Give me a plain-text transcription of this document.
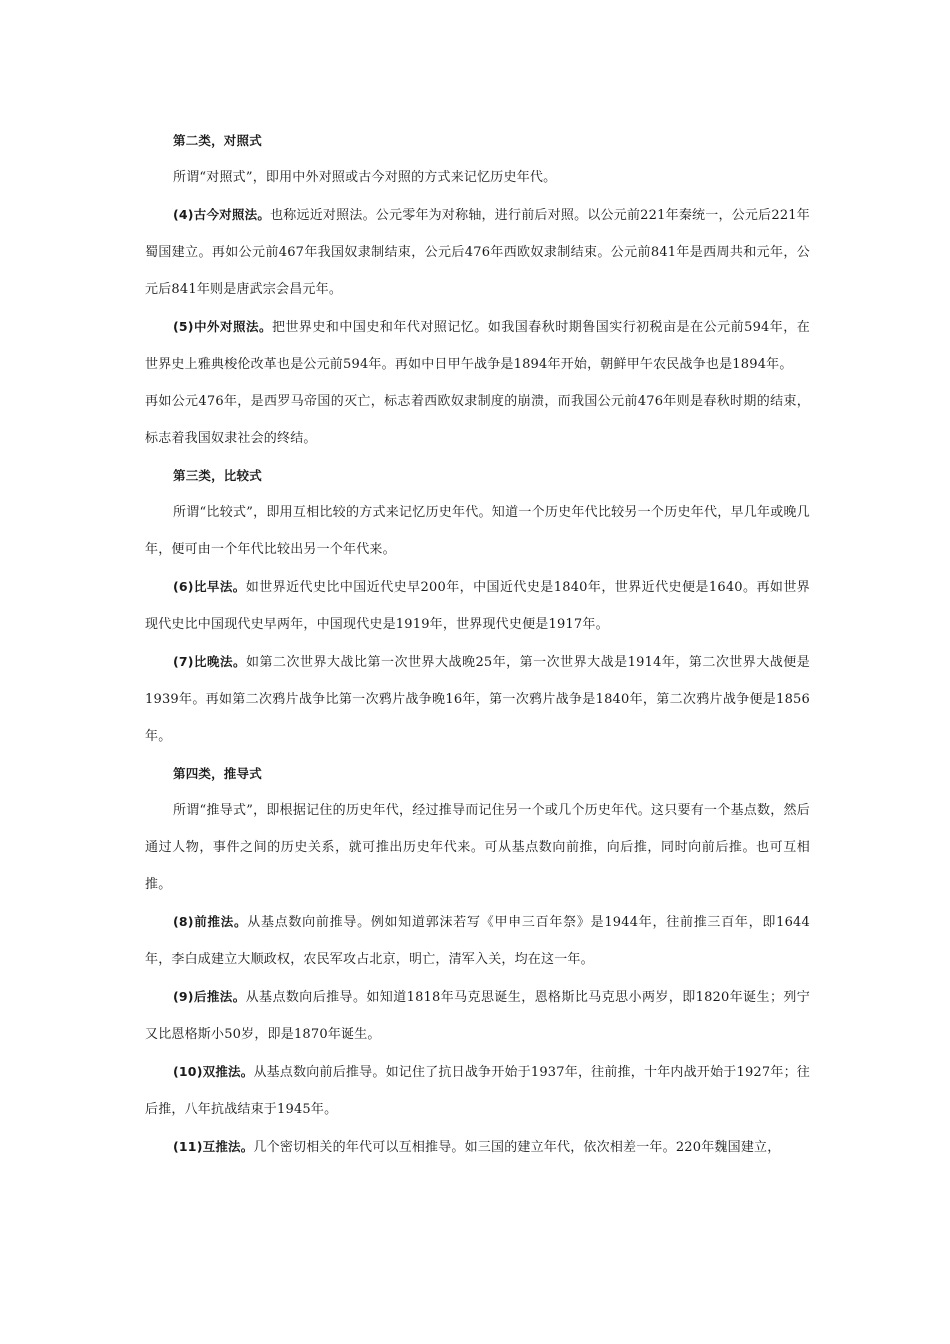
第二类，对照式

所谓“对照式”，即用中外对照或古今对照的方式来记忆历史年代。

(4)古今对照法。也称远近对照法。公元零年为对称轴，进行前后对照。以公元前221年秦统一，公元后221年蜀国建立。再如公元前467年我国奴隶制结束，公元后476年西欧奴隶制结束。公元前841年是西周共和元年，公元后841年则是唐武宗会昌元年。

(5)中外对照法。把世界史和中国史和年代对照记忆。如我国春秋时期鲁国实行初税亩是在公元前594年，在世界史上雅典梭伦改革也是公元前594年。再如中日甲午战争是1894年开始，朝鲜甲午农民战争也是1894年。

再如公元476年，是西罗马帝国的灭亡，标志着西欧奴隶制度的崩溃，而我国公元前476年则是春秋时期的结束，标志着我国奴隶社会的终结。

第三类，比较式

所谓“比较式”，即用互相比较的方式来记忆历史年代。知道一个历史年代比较另一个历史年代，早几年或晚几年，便可由一个年代比较出另一个年代来。

(6)比早法。如世界近代史比中国近代史早200年，中国近代史是1840年，世界近代史便是1640。再如世界现代史比中国现代史早两年，中国现代史是1919年，世界现代史便是1917年。

(7)比晚法。如第二次世界大战比第一次世界大战晚25年，第一次世界大战是1914年，第二次世界大战便是1939年。再如第二次鸦片战争比第一次鸦片战争晚16年，第一次鸦片战争是1840年，第二次鸦片战争便是1856年。

第四类，推导式

所谓“推导式”，即根据记住的历史年代，经过推导而记住另一个或几个历史年代。这只要有一个基点数，然后通过人物，事件之间的历史关系，就可推出历史年代来。可从基点数向前推，向后推，同时向前后推。也可互相推。

(8)前推法。从基点数向前推导。例如知道郭沫若写《甲申三百年祭》是1944年，往前推三百年，即1644年，李白成建立大顺政权，农民军攻占北京，明亡，清军入关，均在这一年。

(9)后推法。从基点数向后推导。如知道1818年马克思诞生，恩格斯比马克思小两岁，即1820年诞生；列宁又比恩格斯小50岁，即是1870年诞生。

(10)双推法。从基点数向前后推导。如记住了抗日战争开始于1937年，往前推，十年内战开始于1927年；往后推，八年抗战结束于1945年。

(11)互推法。几个密切相关的年代可以互相推导。如三国的建立年代，依次相差一年。220年魏国建立，
